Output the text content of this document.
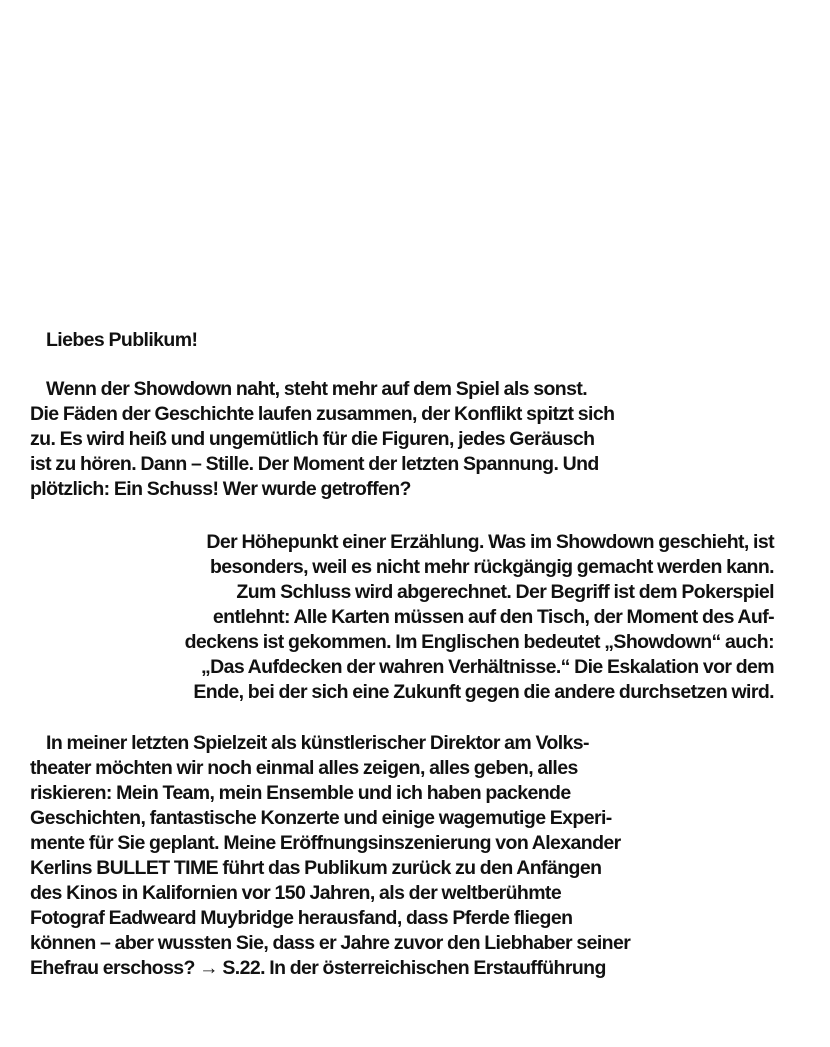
Liebes Publikum!

Wenn der Showdown naht, steht mehr auf dem Spiel als sonst.

Die Fäden der Geschichte laufen zusammen, der Konflikt spitzt sich

zu. Es wird heiß und ungemütlich für die Figuren, jedes Geräusch

ist zu hören. Dann – Stille. Der Moment der letzten Spannung. Und

plötzlich: Ein Schuss! Wer wurde getroffen?

Der Höhepunkt einer Erzählung. Was im Showdown geschieht, ist

besonders, weil es nicht mehr rückgängig gemacht werden kann.

Zum Schluss wird abgerechnet. Der Begriff ist dem Pokerspiel

entlehnt: Alle Karten müssen auf den Tisch, der Moment des Auf-

deckens ist gekommen. Im Englischen bedeutet „Showdown“ auch:

„Das Aufdecken der wahren Verhältnisse.“ Die Eskalation vor dem

Ende, bei der sich eine Zukunft gegen die andere durchsetzen wird.

In meiner letzten Spielzeit als künstlerischer Direktor am Volks-

theater möchten wir noch einmal alles zeigen, alles geben, alles

riskieren: Mein Team, mein Ensemble und ich haben packende

Geschichten, fantastische Konzerte und einige wagemutige Experi-

mente für Sie geplant. Meine Eröffnungsinszenierung von Alexander

Kerlins BULLET TIME führt das Publikum zurück zu den Anfängen

des Kinos in Kalifornien vor 150 Jahren, als der weltberühmte

Fotograf Eadweard Muybridge herausfand, dass Pferde fliegen

können – aber wussten Sie, dass er Jahre zuvor den Liebhaber seiner

Ehefrau erschoss? → S.22. In der österreichischen Erstaufführung
